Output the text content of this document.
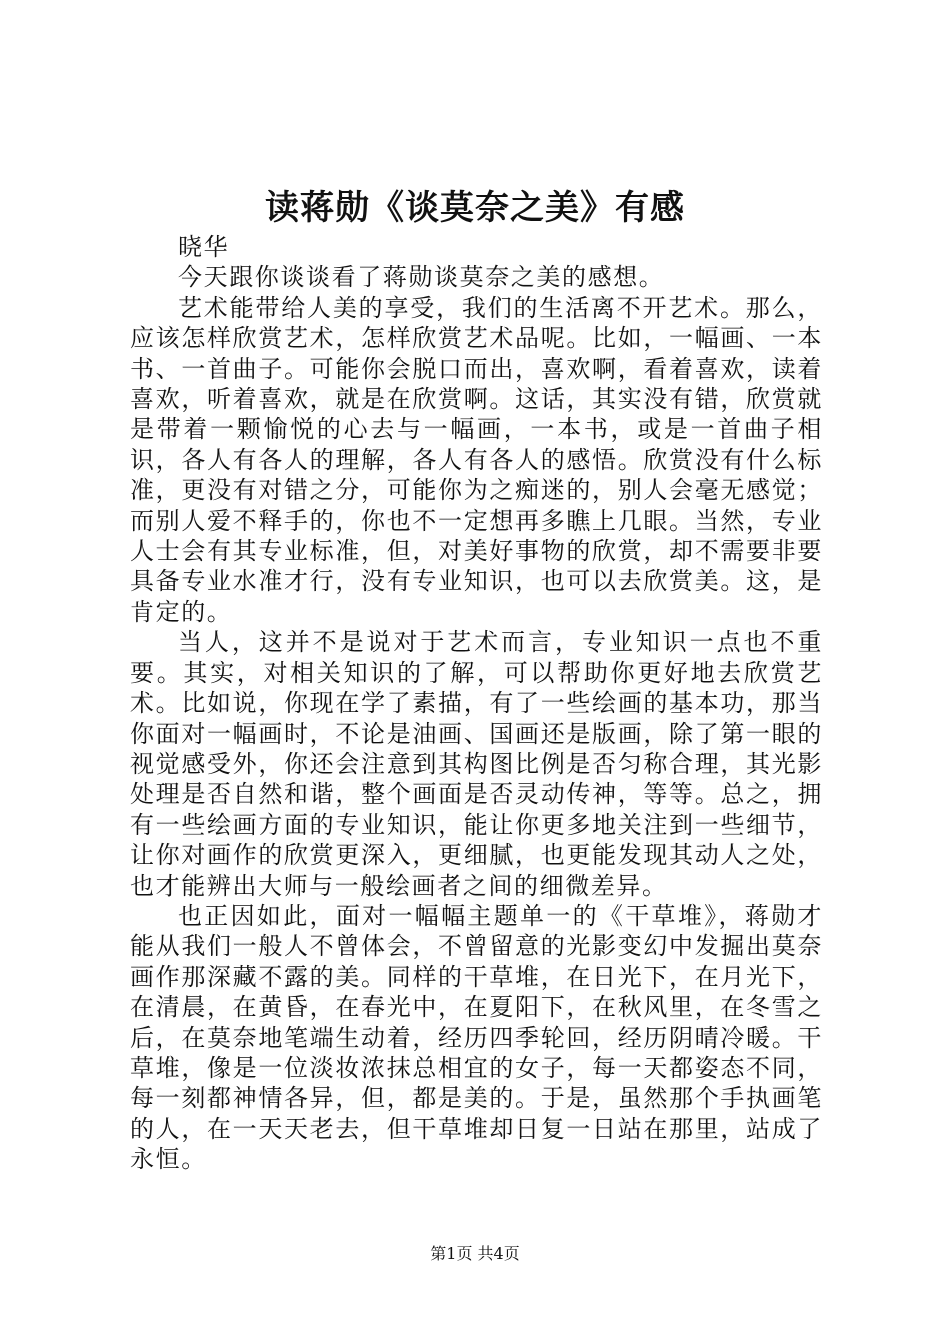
读蒋勋《谈莫奈之美》有感

晓华

今天跟你谈谈看了蒋勋谈莫奈之美的感想。

艺术能带给人美的享受，我们的生活离不开艺术。那么，应该怎样欣赏艺术，怎样欣赏艺术品呢。比如，一幅画、一本书、一首曲子。可能你会脱口而出，喜欢啊，看着喜欢，读着喜欢，听着喜欢，就是在欣赏啊。这话，其实没有错，欣赏就是带着一颗愉悦的心去与一幅画，一本书，或是一首曲子相识，各人有各人的理解，各人有各人的感悟。欣赏没有什么标准，更没有对错之分，可能你为之痴迷的，别人会毫无感觉；而别人爱不释手的，你也不一定想再多瞧上几眼。当然，专业人士会有其专业标准，但，对美好事物的欣赏，却不需要非要具备专业水准才行，没有专业知识，也可以去欣赏美。这，是肯定的。

当人，这并不是说对于艺术而言，专业知识一点也不重要。其实，对相关知识的了解，可以帮助你更好地去欣赏艺术。比如说，你现在学了素描，有了一些绘画的基本功，那当你面对一幅画时，不论是油画、国画还是版画，除了第一眼的视觉感受外，你还会注意到其构图比例是否匀称合理，其光影处理是否自然和谐，整个画面是否灵动传神，等等。总之，拥有一些绘画方面的专业知识，能让你更多地关注到一些细节，让你对画作的欣赏更深入，更细腻，也更能发现其动人之处，也才能辨出大师与一般绘画者之间的细微差异。

也正因如此，面对一幅幅主题单一的《干草堆》，蒋勋才能从我们一般人不曾体会，不曾留意的光影变幻中发掘出莫奈画作那深藏不露的美。同样的干草堆，在日光下，在月光下，在清晨，在黄昏，在春光中，在夏阳下，在秋风里，在冬雪之后，在莫奈地笔端生动着，经历四季轮回，经历阴晴冷暖。干草堆，像是一位淡妆浓抹总相宜的女子，每一天都姿态不同，每一刻都神情各异，但，都是美的。于是，虽然那个手执画笔的人，在一天天老去，但干草堆却日复一日站在那里，站成了永恒。

第1页 共4页
